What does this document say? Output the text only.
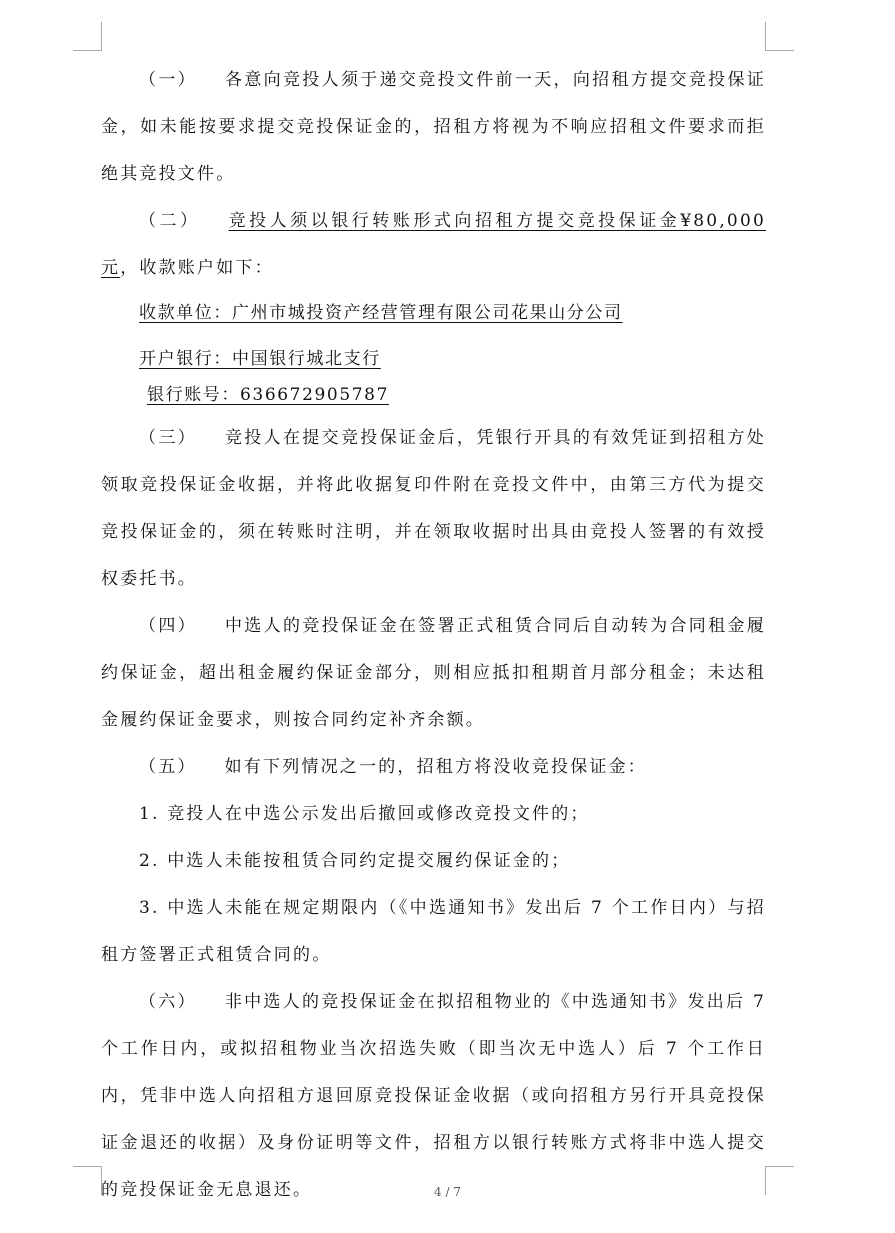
（一） 各意向竞投人须于递交竞投文件前一天，向招租方提交竞投保证金，如未能按要求提交竞投保证金的，招租方将视为不响应招租文件要求而拒绝其竞投文件。

（二） 竞投人须以银行转账形式向招租方提交竞投保证金¥80,000元，收款账户如下：

收款单位：广州市城投资产经营管理有限公司花果山分公司

开户银行：中国银行城北支行

银行账号：636672905787

（三） 竞投人在提交竞投保证金后，凭银行开具的有效凭证到招租方处领取竞投保证金收据，并将此收据复印件附在竞投文件中，由第三方代为提交竞投保证金的，须在转账时注明，并在领取收据时出具由竞投人签署的有效授权委托书。

（四） 中选人的竞投保证金在签署正式租赁合同后自动转为合同租金履约保证金，超出租金履约保证金部分，则相应抵扣租期首月部分租金；未达租金履约保证金要求，则按合同约定补齐余额。

（五） 如有下列情况之一的，招租方将没收竞投保证金：

1. 竞投人在中选公示发出后撤回或修改竞投文件的；

2. 中选人未能按租赁合同约定提交履约保证金的；

3. 中选人未能在规定期限内（《中选通知书》发出后 7 个工作日内）与招租方签署正式租赁合同的。

（六） 非中选人的竞投保证金在拟招租物业的《中选通知书》发出后 7 个工作日内，或拟招租物业当次招选失败（即当次无中选人）后 7 个工作日内，凭非中选人向招租方退回原竞投保证金收据（或向招租方另行开具竞投保证金退还的收据）及身份证明等文件，招租方以银行转账方式将非中选人提交的竞投保证金无息退还。	4 / 7
